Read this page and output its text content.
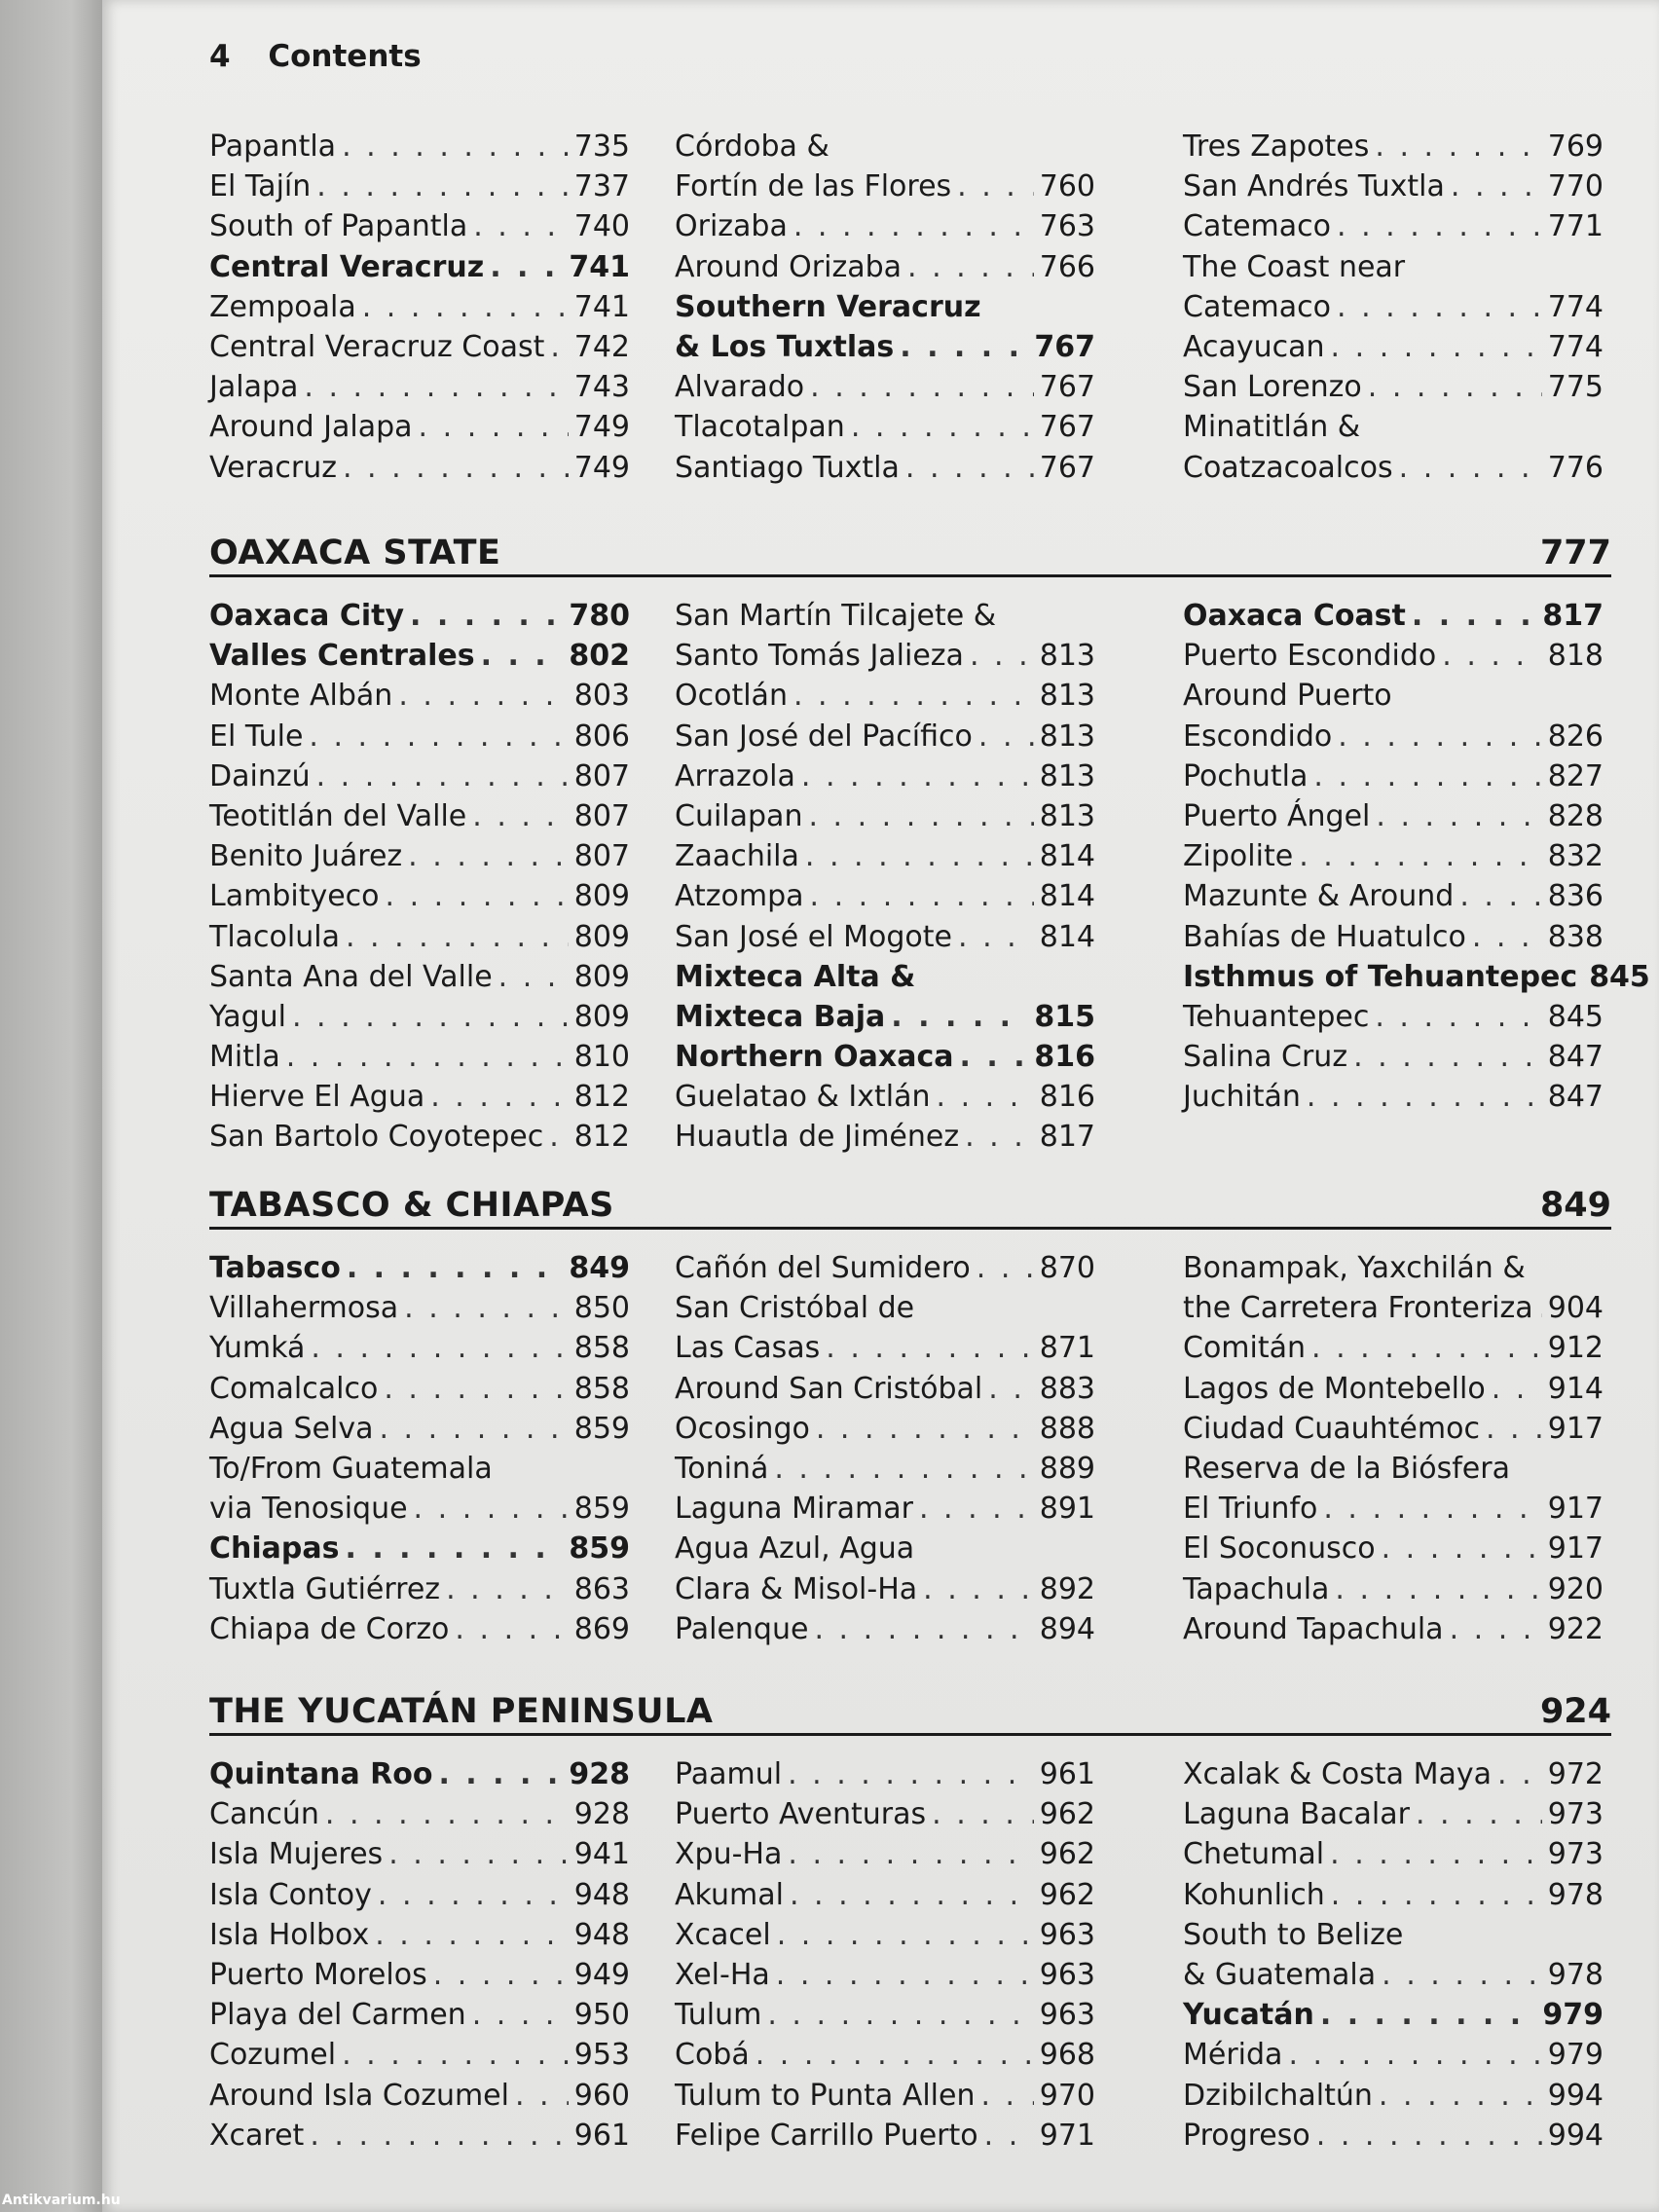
4 Contents
Papantla . . .	735
El Tajín . . .	737
South of Papantla . . .	740
Central Veracruz . . .	741
Zempoala . . .	741
Central Veracruz Coast . . . 742
Jalapa . . .	743
Around Jalapa . . .	749
Veracruz . . .	749
Córdoba &
Fortín de las Flores . . .	760
Orizaba . . .	763
Around Orizaba . . .	766
Southern Veracruz
& Los Tuxtlas . . .	767
Alvarado . . .	767
Tlacotalpan . . .	767
Santiago Tuxtla . . .	767
Tres Zapotes . . .	769
San Andrés Tuxtla . . .	770
Catemaco . . .	771
The Coast near
Catemaco . . .	774
Acayucan . . .	774
San Lorenzo . . .	775
Minatitlán &
Coatzacoalcos . . .	776
OAXACA STATE	777
Oaxaca City . . .	780
Valles Centrales . . .	802
Monte Albán . . .	803
El Tule . . .	806
Dainzú . . .	807
Teotitlán del Valle . . .	807
Benito Juárez . . .	807
Lambityeco . . .	809
Tlacolula . . .	809
Santa Ana del Valle . . .	809
Yagul . . .	809
Mitla . . .	810
Hierve El Agua . . .	812
San Bartolo Coyotepec . . . 812
San Martín Tilcajete &
Santo Tomás Jalieza . . .	813
Ocotlán . . .	813
San José del Pacífico . . . 813
Arrazola . . .	813
Cuilapan . . .	813
Zaachila . . .	814
Atzompa . . .	814
San José el Mogote . . .	814
Mixteca Alta &
Mixteca Baja . . .	815
Northern Oaxaca . . .	816
Guelatao & Ixtlán . . .	816
Huautla de Jiménez . . .	817
Oaxaca Coast . . .	817
Puerto Escondido . . .	818
Around Puerto
Escondido . . .	826
Pochutla . . .	827
Puerto Ángel . . .	828
Zipolite . . .	832
Mazunte & Around . . .	836
Bahías de Huatulco . . .	838
Isthmus of Tehuantepec 845
Tehuantepec . . .	845
Salina Cruz . . .	847
Juchitán . . .	847
TABASCO & CHIAPAS	849
Tabasco . . .	849
Villahermosa . . .	850
Yumká . . .	858
Comalcalco . . .	858
Agua Selva . . .	859
To/From Guatemala
via Tenosique . . .	859
Chiapas . . .	859
Tuxtla Gutiérrez . . .	863
Chiapa de Corzo . . .	869
Cañón del Sumidero . . . 870
San Cristóbal de
Las Casas . . .	871
Around San Cristóbal . . . 883
Ocosingo . . .	888
Toniná . . .	889
Laguna Miramar . . .	891
Agua Azul, Agua
Clara & Misol-Ha . . .	892
Palenque . . .	894
Bonampak, Yaxchilán &
the Carretera Fronteriza . . . 904
Comitán . . .	912
Lagos de Montebello . . . 914
Ciudad Cuauhtémoc . . . 917
Reserva de la Biósfera
El Triunfo . . .	917
El Soconusco . . .	917
Tapachula . . .	920
Around Tapachula . . .	922
THE YUCATÁN PENINSULA	924
Quintana Roo . . .	928
Cancún . . .	928
Isla Mujeres . . .	941
Isla Contoy . . .	948
Isla Holbox . . .	948
Puerto Morelos . . .	949
Playa del Carmen . . .	950
Cozumel . . .	953
Around Isla Cozumel . . . 960
Xcaret . . .	961
Paamul . . .	961
Puerto Aventuras . . .	962
Xpu-Ha . . .	962
Akumal . . .	962
Xcacel . . .	963
Xel-Ha . . .	963
Tulum . . .	963
Cobá . . .	968
Tulum to Punta Allen . . . 970
Felipe Carrillo Puerto . . . 971
Xcalak & Costa Maya . . . 972
Laguna Bacalar . . .	973
Chetumal . . .	973
Kohunlich . . .	978
South to Belize
& Guatemala . . .	978
Yucatán . . .	979
Mérida . . .	979
Dzibilchaltún . . .	994
Progreso . . .	994
Antikvarium.hu
